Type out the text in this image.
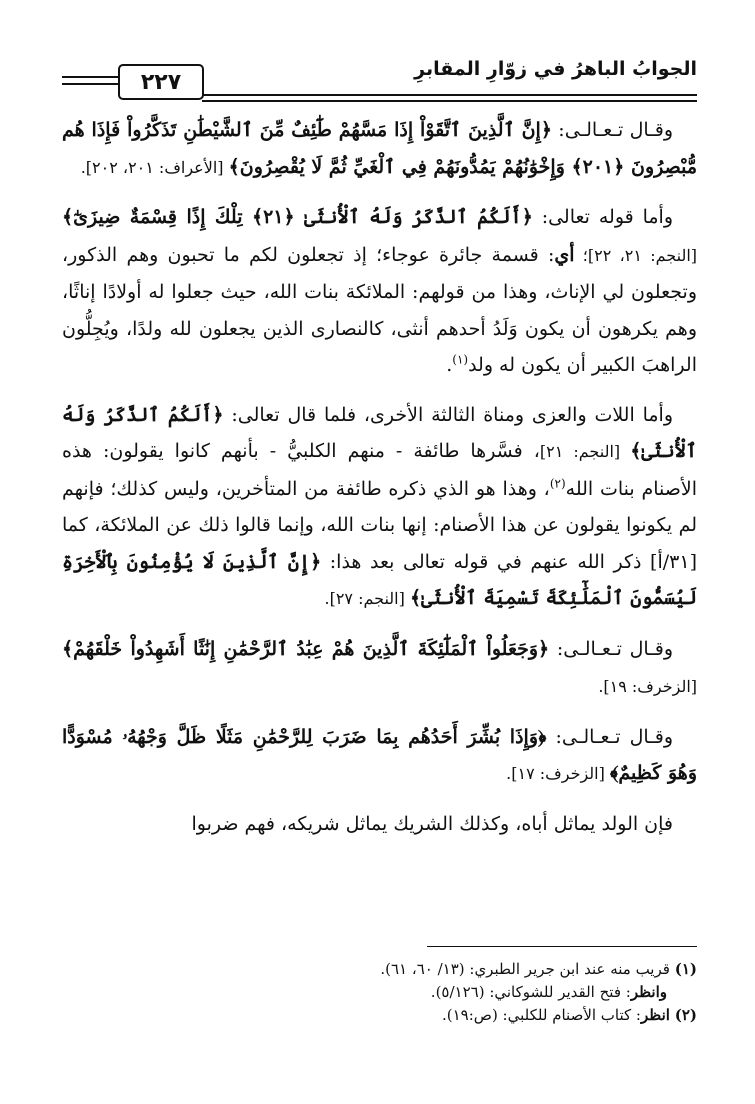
٢٢٧
الجوابُ الباهرُ في زوّارِ المقابرِ

وقـال تـعـالـى: ﴿إِنَّ ٱلَّذِينَ ٱتَّقَوْاْ إِذَا مَسَّهُمْ طَٰٓئِفٌ مِّنَ ٱلشَّيْطَٰنِ تَذَكَّرُواْ فَإِذَا هُم مُّبْصِرُونَ ﴿٢٠١﴾ وَإِخْوَٰنُهُمْ يَمُدُّونَهُمْ فِي ٱلْغَيِّ ثُمَّ لَا يُقْصِرُونَ﴾ [الأعراف: ٢٠١، ٢٠٢].

وأما قوله تعالى: ﴿أَلَكُمُ ٱلذَّكَرُ وَلَهُ ٱلْأُنثَىٰ ﴿٢١﴾ تِلْكَ إِذًا قِسْمَةٌ ضِيزَىٰٓ﴾ [النجم: ٢١، ٢٢]؛ أي: قسمة جائرة عوجاء؛ إذ تجعلون لكم ما تحبون وهم الذكور، وتجعلون لي الإناث، وهذا من قولهم: الملائكة بنات الله، حيث جعلوا له أولادًا إناثًا، وهم يكرهون أن يكون وَلَدُ أحدهم أنثى، كالنصارى الذين يجعلون لله ولدًا، ويُجِلُّون الراهبَ الكبير أن يكون له ولد$^{(١)}$.

وأما اللات والعزى ومناة الثالثة الأخرى، فلما قال تعالى: ﴿أَلَكُمُ ٱلذَّكَرُ وَلَهُ ٱلْأُنثَىٰ﴾ [النجم: ٢١]، فسَّرها طائفة - منهم الكلبيُّ - بأنهم كانوا يقولون: هذه الأصنام بنات الله$^{(٢)}$، وهذا هو الذي ذكره طائفة من المتأخرين، وليس كذلك؛ فإنهم لم يكونوا يقولون عن هذا الأصنام: إنها بنات الله، وإنما قالوا ذلك عن الملائكة، كما [٣١/أ] ذكر الله عنهم في قوله تعالى بعد هذا: ﴿إِنَّ ٱلَّذِينَ لَا يُؤْمِنُونَ بِٱلْأَخِرَةِ لَيُسَمُّونَ ٱلْمَلَٰٓئِكَةَ تَسْمِيَةَ ٱلْأُنثَىٰ﴾ [النجم: ٢٧].

وقـال تـعـالـى: ﴿وَجَعَلُواْ ٱلْمَلَٰٓئِكَةَ ٱلَّذِينَ هُمْ عِبَٰدُ ٱلرَّحْمَٰنِ إِنَٰثًا أَشَهِدُواْ خَلْقَهُمْ﴾ [الزخرف: ١٩].

وقـال تـعـالـى: ﴿وَإِذَا بُشِّرَ أَحَدُهُم بِمَا ضَرَبَ لِلرَّحْمَٰنِ مَثَلًا ظَلَّ وَجْهُهُۥ مُسْوَدًّا وَهُوَ كَظِيمٌ﴾ [الزخرف: ١٧].

فإن الولد يماثل أباه، وكذلك الشريك يماثل شريكه، فهم ضربوا

(١) قريب منه عند ابن جرير الطبري: (١٣/ ٦٠، ٦١).

وانظر: فتح القدير للشوكاني: (٥/١٢٦).

(٢) انظر: كتاب الأصنام للكلبي: (ص:١٩).
